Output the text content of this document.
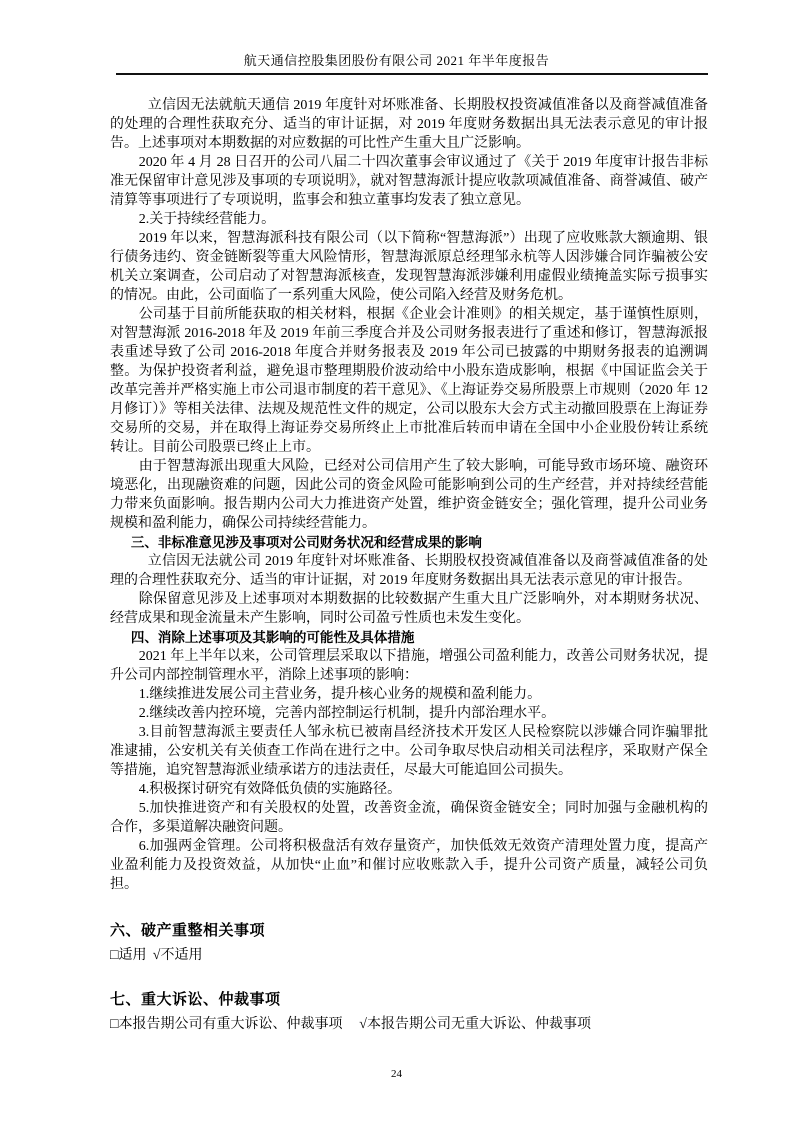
航天通信控股集团股份有限公司 2021 年半年度报告

立信因无法就航天通信 2019 年度针对坏账准备、长期股权投资减值准备以及商誉减值准备的处理的合理性获取充分、适当的审计证据，对 2019 年度财务数据出具无法表示意见的审计报告。上述事项对本期数据的对应数据的可比性产生重大且广泛影响。

2020 年 4 月 28 日召开的公司八届二十四次董事会审议通过了《关于 2019 年度审计报告非标准无保留审计意见涉及事项的专项说明》，就对智慧海派计提应收款项减值准备、商誉减值、破产清算等事项进行了专项说明，监事会和独立董事均发表了独立意见。

2.关于持续经营能力。

2019 年以来，智慧海派科技有限公司（以下简称“智慧海派”）出现了应收账款大额逾期、银行债务违约、资金链断裂等重大风险情形，智慧海派原总经理邹永杭等人因涉嫌合同诈骗被公安机关立案调查，公司启动了对智慧海派核查，发现智慧海派涉嫌利用虚假业绩掩盖实际亏损事实的情况。由此，公司面临了一系列重大风险，使公司陷入经营及财务危机。

公司基于目前所能获取的相关材料，根据《企业会计准则》的相关规定，基于谨慎性原则，对智慧海派 2016-2018 年及 2019 年前三季度合并及公司财务报表进行了重述和修订，智慧海派报表重述导致了公司 2016-2018 年度合并财务报表及 2019 年公司已披露的中期财务报表的追溯调整。为保护投资者利益，避免退市整理期股价波动给中小股东造成影响，根据《中国证监会关于改革完善并严格实施上市公司退市制度的若干意见》、《上海证券交易所股票上市规则（2020 年 12 月修订）》等相关法律、法规及规范性文件的规定，公司以股东大会方式主动撤回股票在上海证券交易所的交易，并在取得上海证券交易所终止上市批准后转而申请在全国中小企业股份转让系统转让。目前公司股票已终止上市。

由于智慧海派出现重大风险，已经对公司信用产生了较大影响，可能导致市场环境、融资环境恶化，出现融资难的问题，因此公司的资金风险可能影响到公司的生产经营，并对持续经营能力带来负面影响。报告期内公司大力推进资产处置，维护资金链安全；强化管理，提升公司业务规模和盈利能力，确保公司持续经营能力。

三、非标准意见涉及事项对公司财务状况和经营成果的影响

立信因无法就公司 2019 年度针对坏账准备、长期股权投资减值准备以及商誉减值准备的处理的合理性获取充分、适当的审计证据，对 2019 年度财务数据出具无法表示意见的审计报告。

除保留意见涉及上述事项对本期数据的比较数据产生重大且广泛影响外，对本期财务状况、经营成果和现金流量未产生影响，同时公司盈亏性质也未发生变化。

四、消除上述事项及其影响的可能性及具体措施

2021 年上半年以来，公司管理层采取以下措施，增强公司盈利能力，改善公司财务状况，提升公司内部控制管理水平，消除上述事项的影响：

1.继续推进发展公司主营业务，提升核心业务的规模和盈利能力。

2.继续改善内控环境，完善内部控制运行机制，提升内部治理水平。

3.目前智慧海派主要责任人邹永杭已被南昌经济技术开发区人民检察院以涉嫌合同诈骗罪批准逮捕，公安机关有关侦查工作尚在进行之中。公司争取尽快启动相关司法程序，采取财产保全等措施，追究智慧海派业绩承诺方的违法责任，尽最大可能追回公司损失。

4.积极探讨研究有效降低负债的实施路径。

5.加快推进资产和有关股权的处置，改善资金流，确保资金链安全；同时加强与金融机构的合作，多渠道解决融资问题。

6.加强两金管理。公司将积极盘活有效存量资产，加快低效无效资产清理处置力度，提高产业盈利能力及投资效益，从加快“止血”和催讨应收账款入手，提升公司资产质量，减轻公司负担。

六、破产重整相关事项

□适用 √不适用

七、重大诉讼、仲裁事项

□本报告期公司有重大诉讼、仲裁事项 √本报告期公司无重大诉讼、仲裁事项

24
